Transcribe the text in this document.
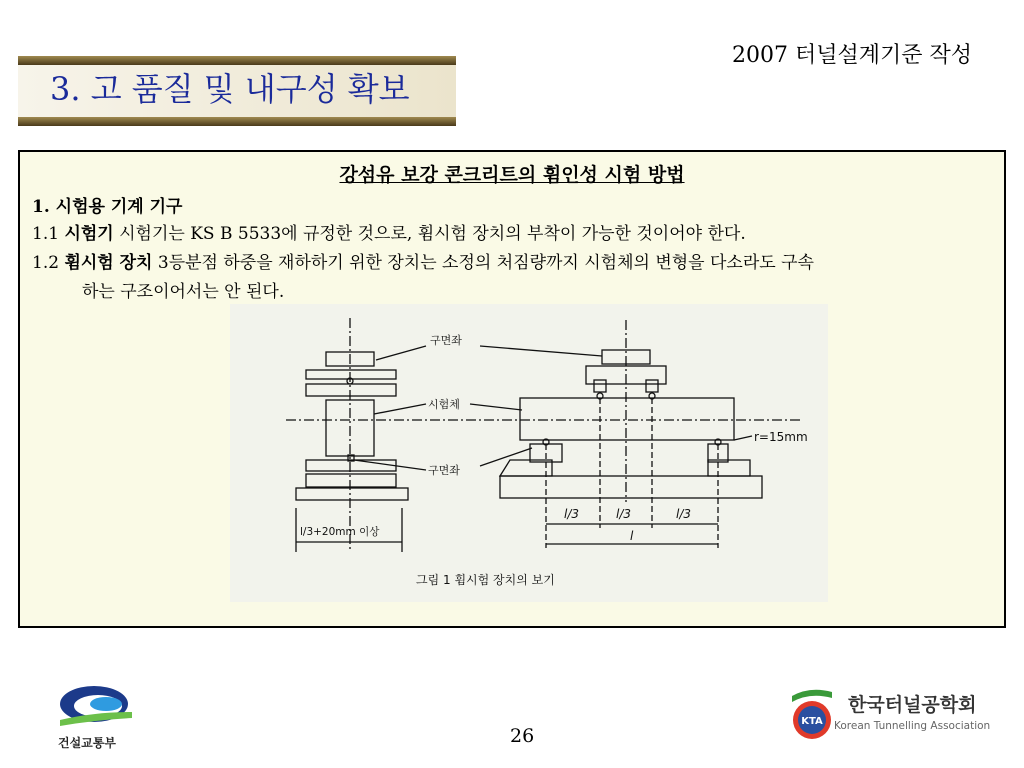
2007 터널설계기준 작성
3. 고 품질 및 내구성 확보
강섬유 보강 콘크리트의 휨인성 시험 방법
1. 시험용 기계 기구
1.1 시험기 시험기는 KS B 5533에 규정한 것으로, 휨시험 장치의 부착이 가능한 것이어야 한다.
1.2 휨시험 장치 3등분점 하중을 재하하기 위한 장치는 소정의 처짐량까지 시험체의 변형을 다소라도 구속
하는 구조이어서는 안 된다.
구면좌
시험체
구면좌
r=15mm
l/3+20mm 이상
l/3	l/3	l/3
l
그림 1 휨시험 장치의 보기
건설교통부	26
KTA
한국터널공학회
Korean Tunnelling Association
